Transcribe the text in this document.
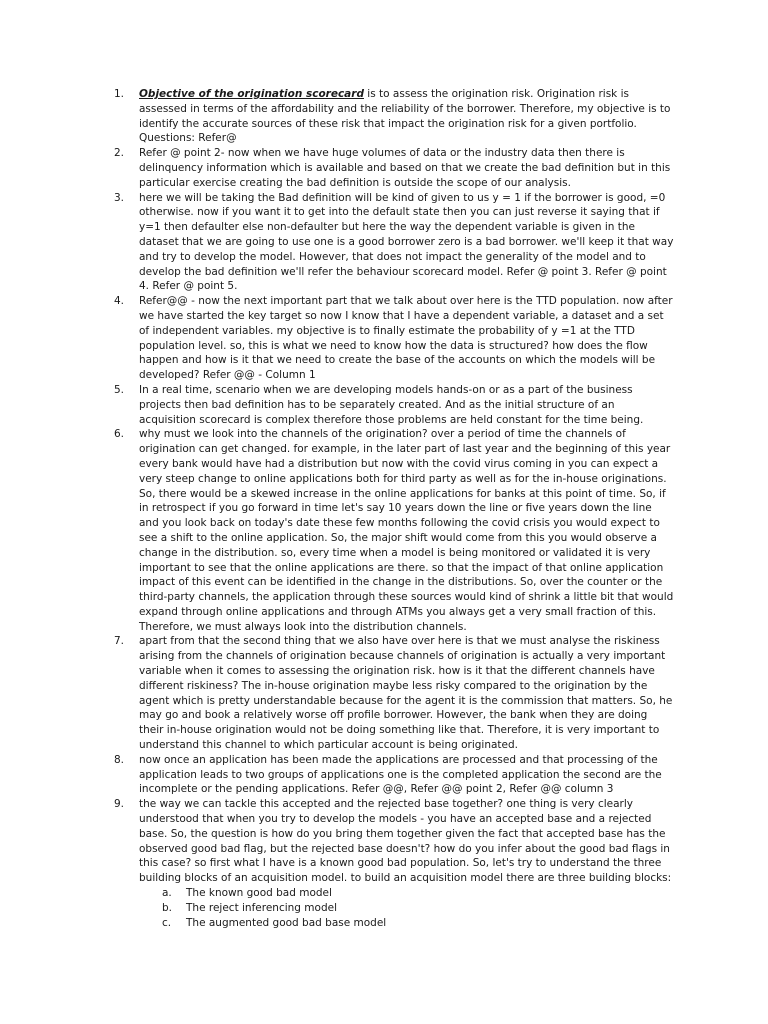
1. Objective of the origination scorecard is to assess the origination risk. Origination risk is assessed in terms of the affordability and the reliability of the borrower. Therefore, my objective is to identify the accurate sources of these risk that impact the origination risk for a given portfolio. Questions: Refer@
2. Refer @ point 2- now when we have huge volumes of data or the industry data then there is delinquency information which is available and based on that we create the bad definition but in this particular exercise creating the bad definition is outside the scope of our analysis.
3. here we will be taking the Bad definition will be kind of given to us y = 1 if the borrower is good, =0 otherwise. now if you want it to get into the default state then you can just reverse it saying that if y=1 then defaulter else non-defaulter but here the way the dependent variable is given in the dataset that we are going to use one is a good borrower zero is a bad borrower. we'll keep it that way and try to develop the model. However, that does not impact the generality of the model and to develop the bad definition we'll refer the behaviour scorecard model. Refer @ point 3. Refer @ point 4. Refer @ point 5.
4. Refer@@ - now the next important part that we talk about over here is the TTD population. now after we have started the key target so now I know that I have a dependent variable, a dataset and a set of independent variables. my objective is to finally estimate the probability of y =1 at the TTD population level. so, this is what we need to know how the data is structured? how does the flow happen and how is it that we need to create the base of the accounts on which the models will be developed? Refer @@ - Column 1
5. In a real time, scenario when we are developing models hands-on or as a part of the business projects then bad definition has to be separately created. And as the initial structure of an acquisition scorecard is complex therefore those problems are held constant for the time being.
6. why must we look into the channels of the origination? over a period of time the channels of origination can get changed. for example, in the later part of last year and the beginning of this year every bank would have had a distribution but now with the covid virus coming in you can expect a very steep change to online applications both for third party as well as for the in-house originations. So, there would be a skewed increase in the online applications for banks at this point of time. So, if in retrospect if you go forward in time let's say 10 years down the line or five years down the line and you look back on today's date these few months following the covid crisis you would expect to see a shift to the online application. So, the major shift would come from this you would observe a change in the distribution. so, every time when a model is being monitored or validated it is very important to see that the online applications are there. so that the impact of that online application impact of this event can be identified in the change in the distributions. So, over the counter or the third-party channels, the application through these sources would kind of shrink a little bit that would expand through online applications and through ATMs you always get a very small fraction of this. Therefore, we must always look into the distribution channels.
7. apart from that the second thing that we also have over here is that we must analyse the riskiness arising from the channels of origination because channels of origination is actually a very important variable when it comes to assessing the origination risk. how is it that the different channels have different riskiness? The in-house origination maybe less risky compared to the origination by the agent which is pretty understandable because for the agent it is the commission that matters. So, he may go and book a relatively worse off profile borrower. However, the bank when they are doing their in-house origination would not be doing something like that. Therefore, it is very important to understand this channel to which particular account is being originated.
8. now once an application has been made the applications are processed and that processing of the application leads to two groups of applications one is the completed application the second are the incomplete or the pending applications. Refer @@, Refer @@ point 2, Refer @@ column 3
9. the way we can tackle this accepted and the rejected base together? one thing is very clearly understood that when you try to develop the models - you have an accepted base and a rejected base. So, the question is how do you bring them together given the fact that accepted base has the observed good bad flag, but the rejected base doesn't? how do you infer about the good bad flags in this case? so first what I have is a known good bad population. So, let's try to understand the three building blocks of an acquisition model. to build an acquisition model there are three building blocks:
a. The known good bad model
b. The reject inferencing model
c. The augmented good bad base model
